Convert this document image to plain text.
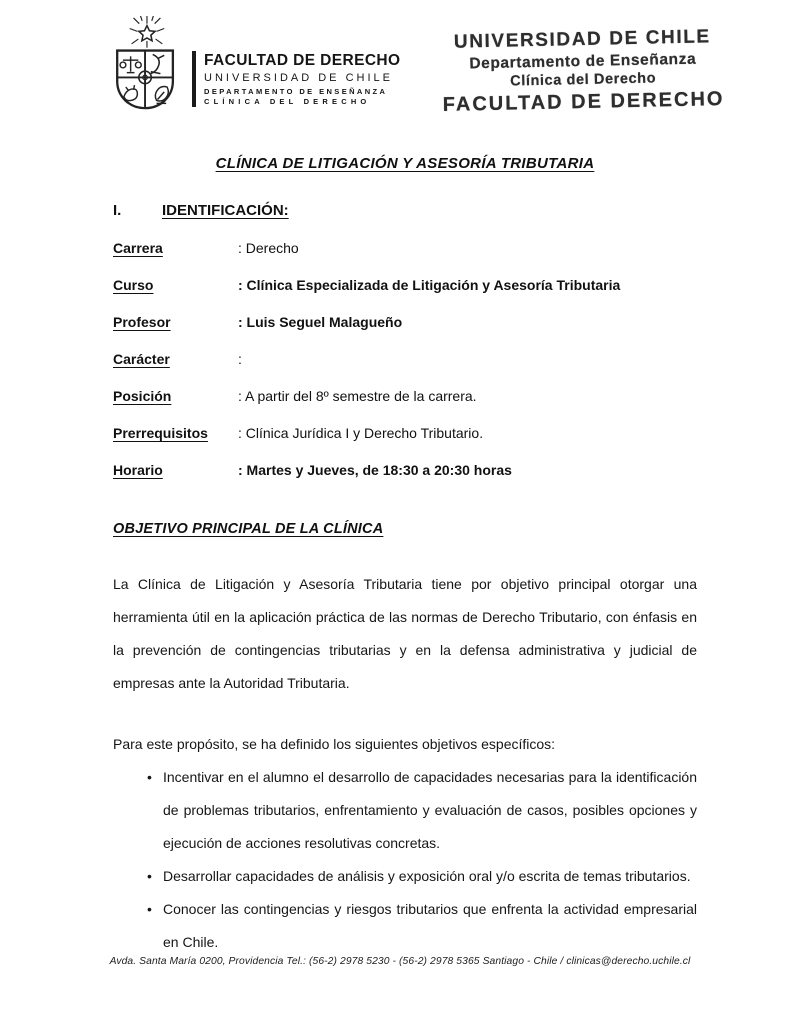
FACULTAD DE DERECHO
UNIVERSIDAD DE CHILE
DEPARTAMENTO DE ENSEÑANZA
CLÍNICA DEL DERECHO
UNIVERSIDAD DE CHILE
Departamento de Enseñanza
Clínica del Derecho
FACULTAD DE DERECHO
CLÍNICA DE LITIGACIÓN Y ASESORÍA TRIBUTARIA
I.	IDENTIFICACIÓN:
Carrera	: Derecho
Curso	: Clínica Especializada de Litigación y Asesoría Tributaria
Profesor	: Luis Seguel Malagueño
Carácter	:
Posición	: A partir del 8º semestre de la carrera.
Prerrequisitos	: Clínica Jurídica I y Derecho Tributario.
Horario	: Martes y Jueves, de 18:30 a 20:30 horas
OBJETIVO PRINCIPAL DE LA CLÍNICA

La Clínica de Litigación y Asesoría Tributaria tiene por objetivo principal otorgar una herramienta útil en la aplicación práctica de las normas de Derecho Tributario, con énfasis en la prevención de contingencias tributarias y en la defensa administrativa y judicial de empresas ante la Autoridad Tributaria.

Para este propósito, se ha definido los siguientes objetivos específicos:

• Incentivar en el alumno el desarrollo de capacidades necesarias para la identificación de problemas tributarios, enfrentamiento y evaluación de casos, posibles opciones y ejecución de acciones resolutivas concretas.
• Desarrollar capacidades de análisis y exposición oral y/o escrita de temas tributarios.
• Conocer las contingencias y riesgos tributarios que enfrenta la actividad empresarial en Chile.
Avda. Santa María 0200, Providencia Tel.: (56-2) 2978 5230 - (56-2) 2978 5365 Santiago - Chile / clinicas@derecho.uchile.cl
